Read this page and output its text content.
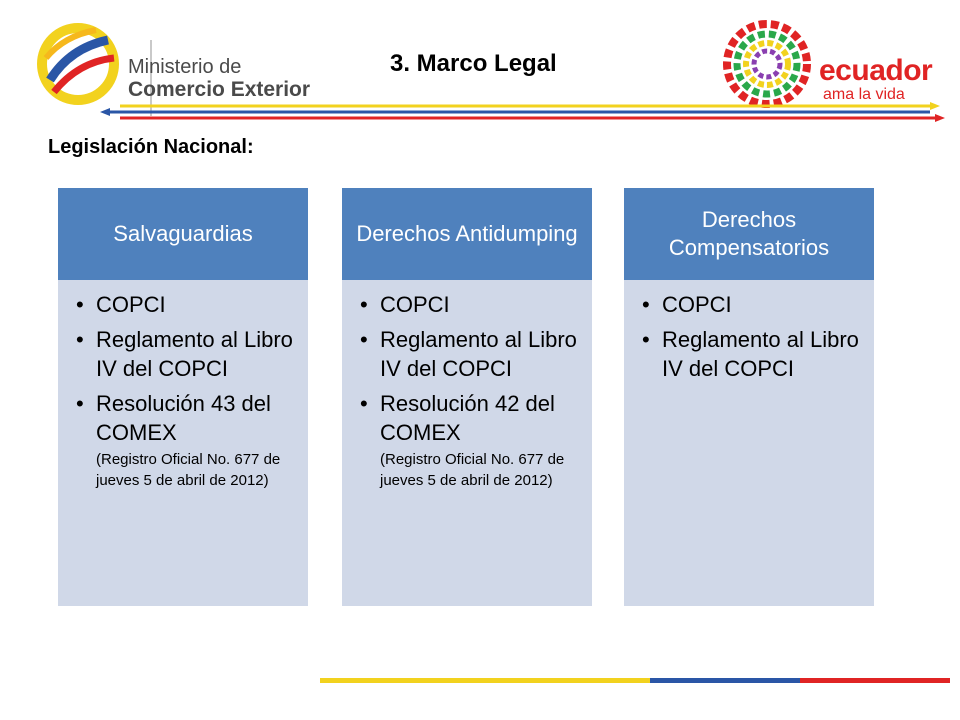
Ministerio de
Comercio Exterior
3. Marco Legal	ecuador
ama la vida
Legislación Nacional:
Salvaguardias
• COPCI
• Reglamento al Libro IV del COPCI
• Resolución 43 del COMEX
(Registro Oficial No. 677 de jueves 5 de abril de 2012)
Derechos Antidumping
• COPCI
• Reglamento al Libro IV del COPCI
• Resolución 42 del COMEX
(Registro Oficial No. 677 de jueves 5 de abril de 2012)
Derechos Compensatorios
• COPCI
• Reglamento al Libro IV del COPCI
